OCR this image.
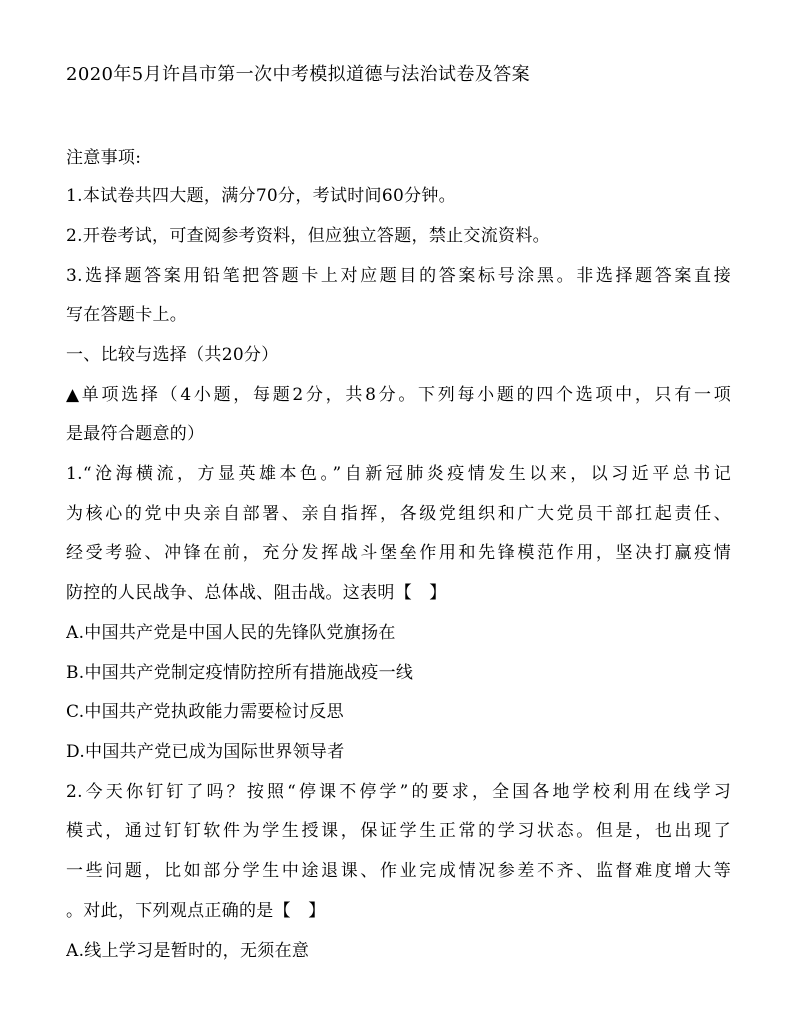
2020年5月许昌市第一次中考模拟道德与法治试卷及答案
注意事项:
1.本试卷共四大题，满分70分，考试时间60分钟。
2.开卷考试，可查阅参考资料，但应独立答题，禁止交流资料。
3.选择题答案用铅笔把答题卡上对应题目的答案标号涂黑。非选择题答案直接
写在答题卡上。
一、比较与选择（共20分）
▲单项选择（4小题，每题2分，共8分。下列每小题的四个选项中，只有一项
是最符合题意的）
1.“沧海横流，方显英雄本色。”自新冠肺炎疫情发生以来，以习近平总书记
为核心的党中央亲自部署、亲自指挥，各级党组织和广大党员干部扛起责任、
经受考验、冲锋在前，充分发挥战斗堡垒作用和先锋模范作用，坚决打赢疫情
防控的人民战争、总体战、阻击战。这表明【　】
A.中国共产党是中国人民的先锋队党旗扬在
B.中国共产党制定疫情防控所有措施战疫一线
C.中国共产党执政能力需要检讨反思
D.中国共产党已成为国际世界领导者
2.今天你钉钉了吗？按照“停课不停学”的要求，全国各地学校利用在线学习
模式，通过钉钉软件为学生授课，保证学生正常的学习状态。但是，也出现了
一些问题，比如部分学生中途退课、作业完成情况参差不齐、监督难度增大等
。对此，下列观点正确的是【　】
A.线上学习是暂时的，无须在意
